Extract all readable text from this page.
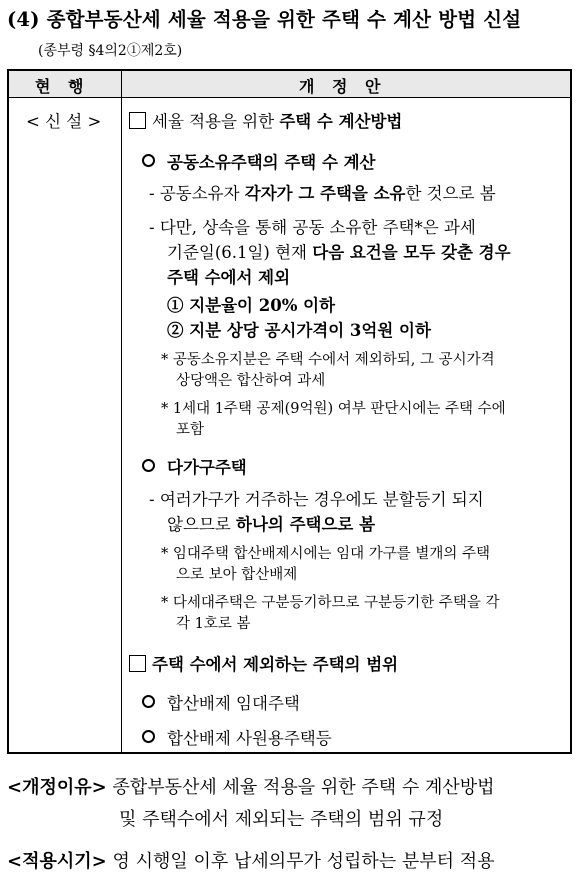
(4) 종합부동산세 세율 적용을 위한 주택 수 계산 방법 신설
(종부령 §4의2①제2호)
현 행	개 정 안
< 신 설 >	세율 적용을 위한 주택 수 계산방법
공동소유주택의 주택 수 계산
- 공동소유자 각자가 그 주택을 소유한 것으로 봄
- 다만, 상속을 통해 공동 소유한 주택*은 과세
기준일(6.1일) 현재 다음 요건을 모두 갖춘 경우
주택 수에서 제외
① 지분율이 20% 이하
② 지분 상당 공시가격이 3억원 이하
* 공동소유지분은 주택 수에서 제외하되, 그 공시가격
상당액은 합산하여 과세
* 1세대 1주택 공제(9억원) 여부 판단시에는 주택 수에
포함
다가구주택
- 여러가구가 거주하는 경우에도 분할등기 되지
않으므로 하나의 주택으로 봄
* 임대주택 합산배제시에는 임대 가구를 별개의 주택
으로 보아 합산배제
* 다세대주택은 구분등기하므로 구분등기한 주택을 각
각 1호로 봄
주택 수에서 제외하는 주택의 범위
합산배제 임대주택
합산배제 사원용주택등
<개정이유> 종합부동산세 세율 적용을 위한 주택 수 계산방법
및 주택수에서 제외되는 주택의 범위 규정
<적용시기> 영 시행일 이후 납세의무가 성립하는 분부터 적용
